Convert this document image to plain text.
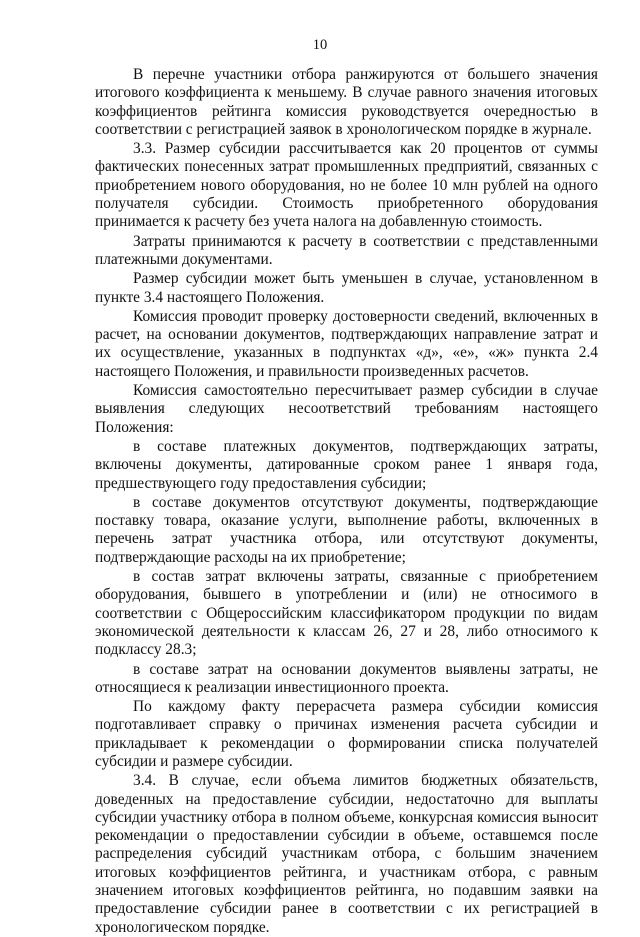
10

В перечне участники отбора ранжируются от большего значения итогового коэффициента к меньшему. В случае равного значения итоговых коэффициентов рейтинга комиссия руководствуется очередностью в соответствии с регистрацией заявок в хронологическом порядке в журнале.

3.3. Размер субсидии рассчитывается как 20 процентов от суммы фактических понесенных затрат промышленных предприятий, связанных с приобретением нового оборудования, но не более 10 млн рублей на одного получателя субсидии. Стоимость приобретенного оборудования принимается к расчету без учета налога на добавленную стоимость.

Затраты принимаются к расчету в соответствии с представленными платежными документами.

Размер субсидии может быть уменьшен в случае, установленном в пункте 3.4 настоящего Положения.

Комиссия проводит проверку достоверности сведений, включенных в расчет, на основании документов, подтверждающих направление затрат и их осуществление, указанных в подпунктах «д», «е», «ж» пункта 2.4 настоящего Положения, и правильности произведенных расчетов.

Комиссия самостоятельно пересчитывает размер субсидии в случае выявления следующих несоответствий требованиям настоящего Положения:

в составе платежных документов, подтверждающих затраты, включены документы, датированные сроком ранее 1 января года, предшествующего году предоставления субсидии;

в составе документов отсутствуют документы, подтверждающие поставку товара, оказание услуги, выполнение работы, включенных в перечень затрат участника отбора, или отсутствуют документы, подтверждающие расходы на их приобретение;

в состав затрат включены затраты, связанные с приобретением оборудования, бывшего в употреблении и (или) не относимого в соответствии с Общероссийским классификатором продукции по видам экономической деятельности к классам 26, 27 и 28, либо относимого к подклассу 28.3;

в составе затрат на основании документов выявлены затраты, не относящиеся к реализации инвестиционного проекта.

По каждому факту перерасчета размера субсидии комиссия подготавливает справку о причинах изменения расчета субсидии и прикладывает к рекомендации о формировании списка получателей субсидии и размере субсидии.

3.4. В случае, если объема лимитов бюджетных обязательств, доведенных на предоставление субсидии, недостаточно для выплаты субсидии участнику отбора в полном объеме, конкурсная комиссия выносит рекомендации о предоставлении субсидии в объеме, оставшемся после распределения субсидий участникам отбора, с большим значением итоговых коэффициентов рейтинга, и участникам отбора, с равным значением итоговых коэффициентов рейтинга, но подавшим заявки на предоставление субсидии ранее в соответствии с их регистрацией в хронологическом порядке.
